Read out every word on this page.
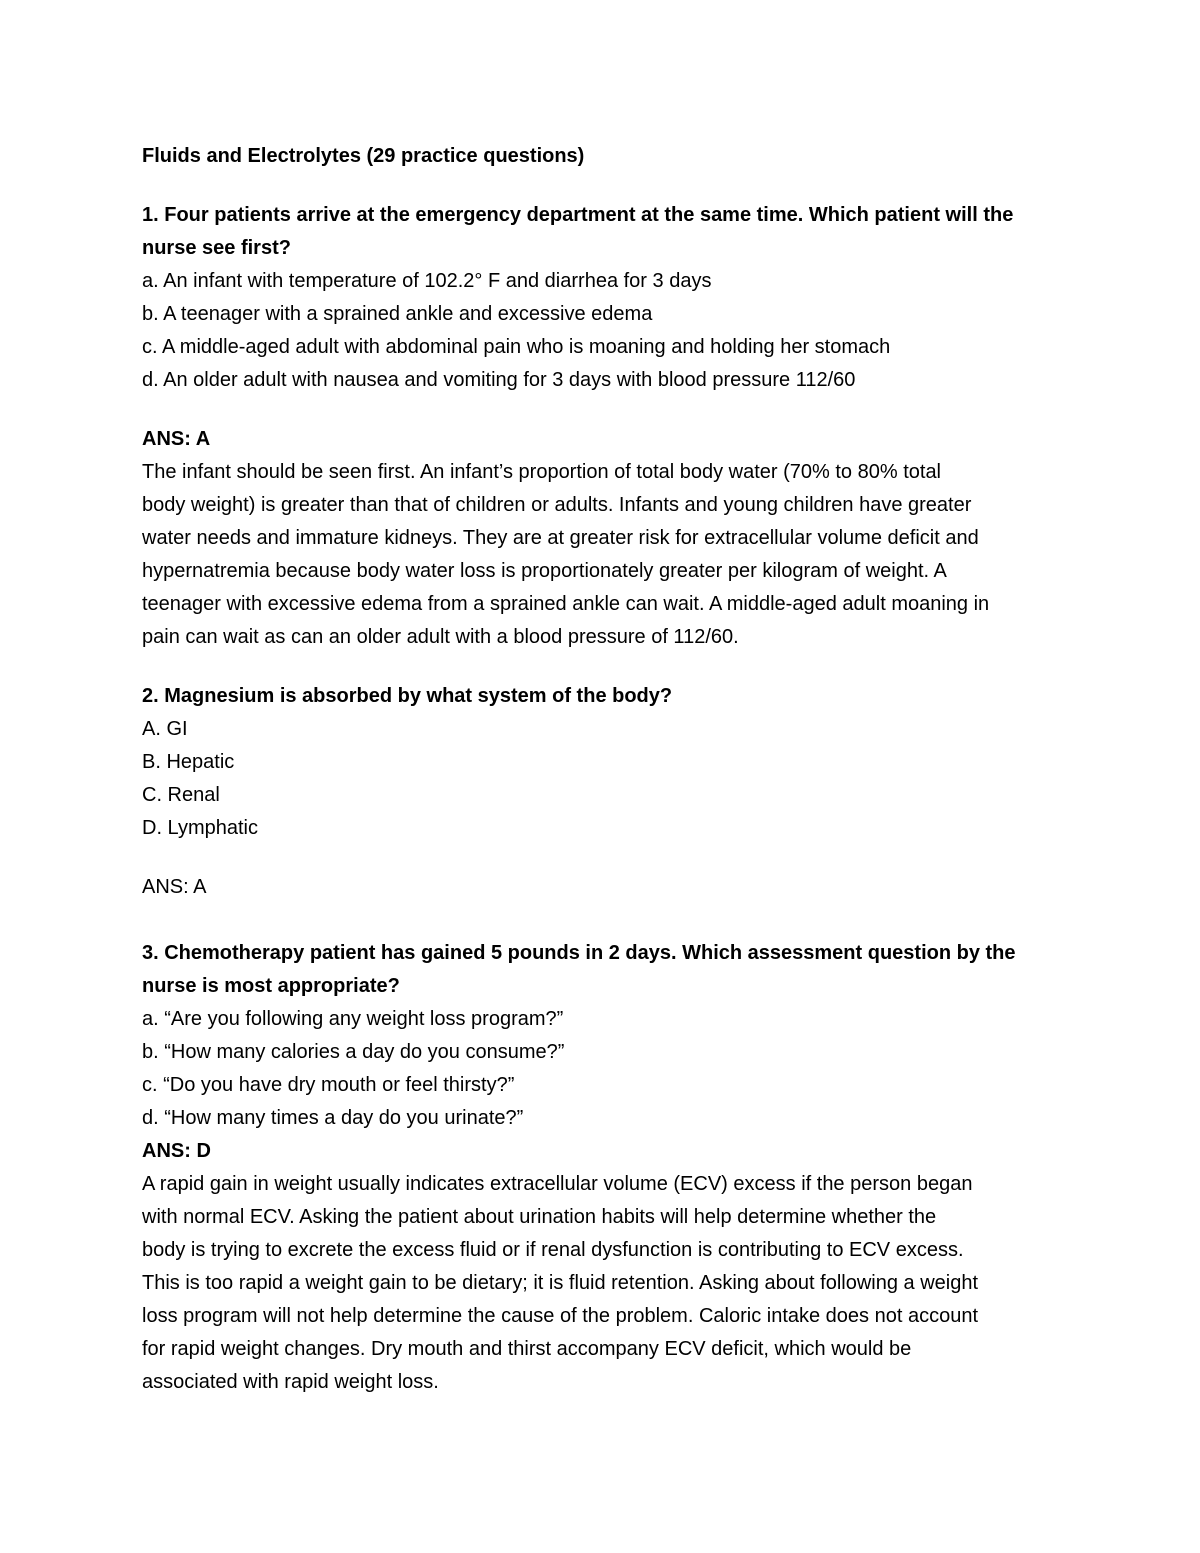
Fluids and Electrolytes (29 practice questions)
1. Four patients arrive at the emergency department at the same time. Which patient will the
nurse see first?
a. An infant with temperature of 102.2° F and diarrhea for 3 days
b. A teenager with a sprained ankle and excessive edema
c. A middle-aged adult with abdominal pain who is moaning and holding her stomach
d. An older adult with nausea and vomiting for 3 days with blood pressure 112/60
ANS: A
The infant should be seen first. An infant’s proportion of total body water (70% to 80% total
body weight) is greater than that of children or adults. Infants and young children have greater
water needs and immature kidneys. They are at greater risk for extracellular volume deficit and
hypernatremia because body water loss is proportionately greater per kilogram of weight. A
teenager with excessive edema from a sprained ankle can wait. A middle-aged adult moaning in
pain can wait as can an older adult with a blood pressure of 112/60.
2. Magnesium is absorbed by what system of the body?
A. GI
B. Hepatic
C. Renal
D. Lymphatic
ANS: A
3. Chemotherapy patient has gained 5 pounds in 2 days. Which assessment question by the
nurse is most appropriate?
a. “Are you following any weight loss program?”
b. “How many calories a day do you consume?”
c. “Do you have dry mouth or feel thirsty?”
d. “How many times a day do you urinate?”
ANS: D
A rapid gain in weight usually indicates extracellular volume (ECV) excess if the person began
with normal ECV. Asking the patient about urination habits will help determine whether the
body is trying to excrete the excess fluid or if renal dysfunction is contributing to ECV excess.
This is too rapid a weight gain to be dietary; it is fluid retention. Asking about following a weight
loss program will not help determine the cause of the problem. Caloric intake does not account
for rapid weight changes. Dry mouth and thirst accompany ECV deficit, which would be
associated with rapid weight loss.
